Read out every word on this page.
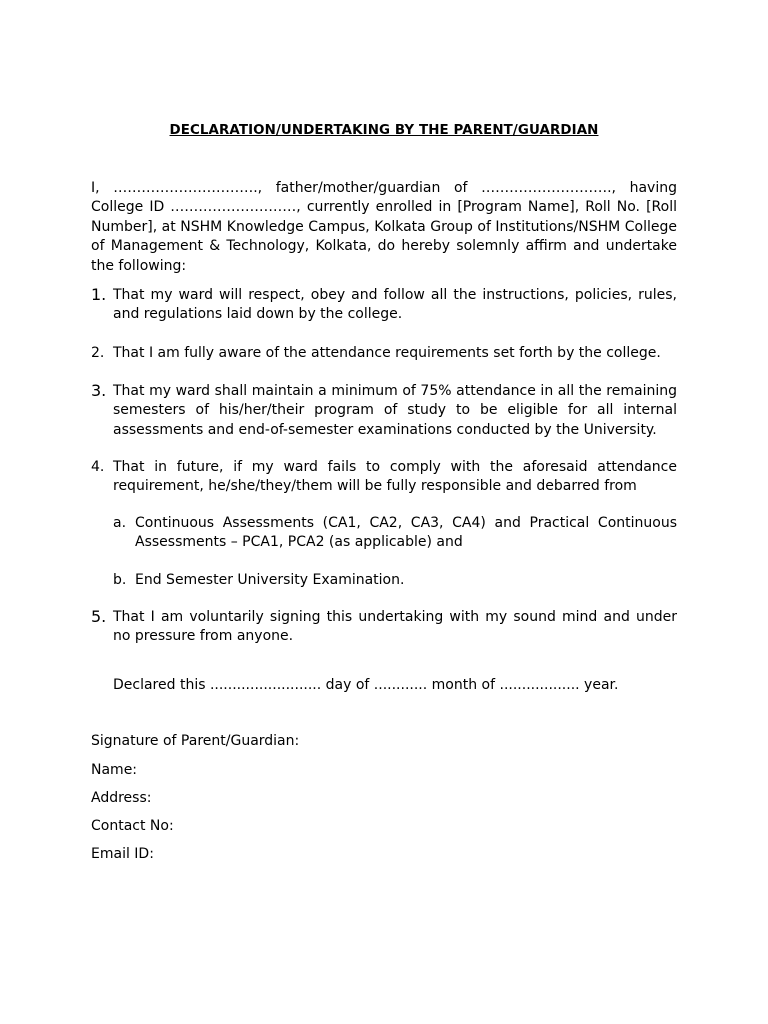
DECLARATION/UNDERTAKING BY THE PARENT/GUARDIAN

I, …………………………., father/mother/guardian of ………………………., having College ID ………………………, currently enrolled in [Program Name], Roll No. [Roll Number], at NSHM Knowledge Campus, Kolkata Group of Institutions/NSHM College of Management & Technology, Kolkata, do hereby solemnly affirm and undertake the following:

1. That my ward will respect, obey and follow all the instructions, policies, rules, and regulations laid down by the college.
2. That I am fully aware of the attendance requirements set forth by the college.
3. That my ward shall maintain a minimum of 75% attendance in all the remaining semesters of his/her/their program of study to be eligible for all internal assessments and end-of-semester examinations conducted by the University.
4. That in future, if my ward fails to comply with the aforesaid attendance requirement, he/she/they/them will be fully responsible and debarred from
a. Continuous Assessments (CA1, CA2, CA3, CA4) and Practical Continuous Assessments – PCA1, PCA2 (as applicable) and
b. End Semester University Examination.
5. That I am voluntarily signing this undertaking with my sound mind and under no pressure from anyone.
Declared this ......................... day of ............ month of .................. year.
Signature of Parent/Guardian:
Name:
Address:
Contact No:
Email ID:
